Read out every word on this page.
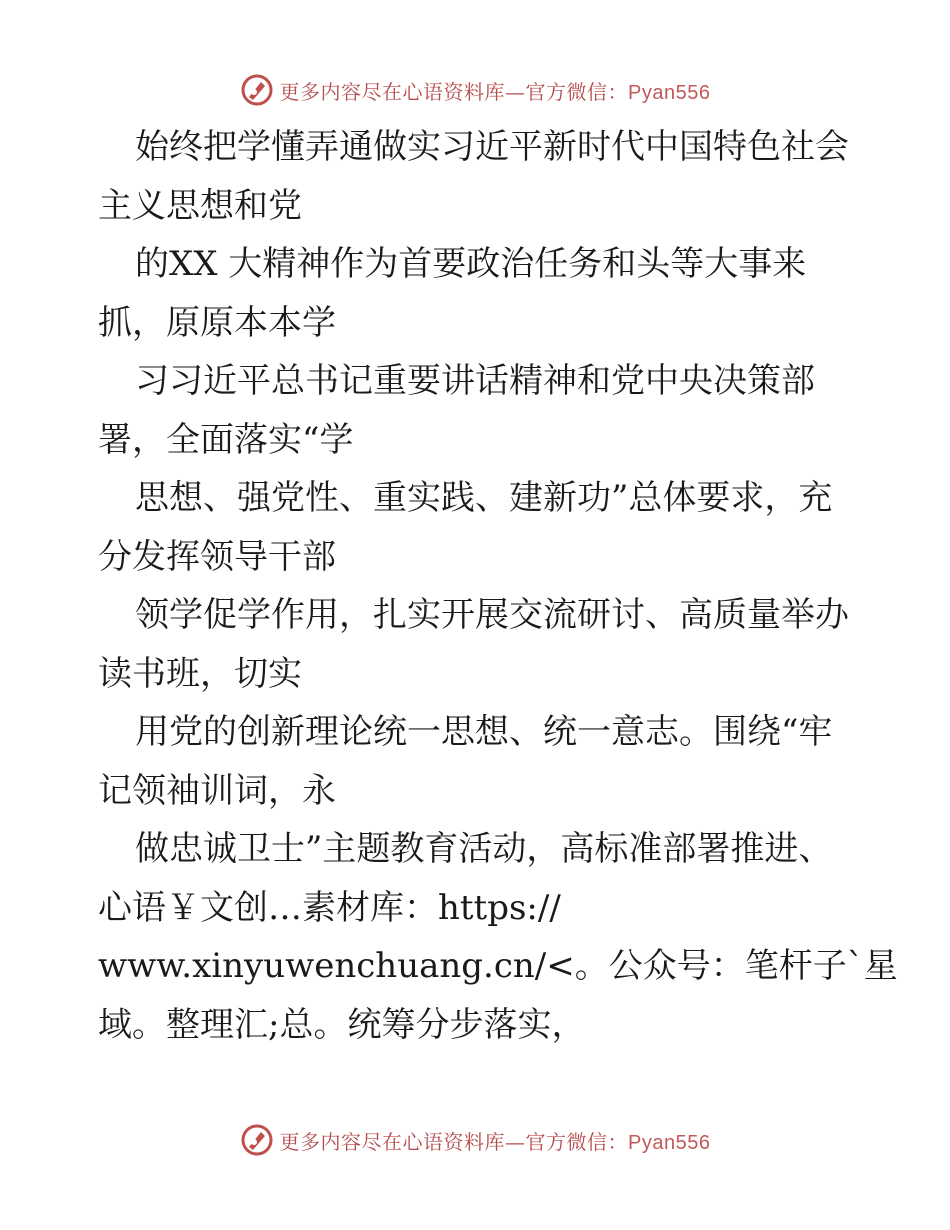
更多内容尽在心语资料库—官方微信：Pyan556
始终把学懂弄通做实习近平新时代中国特色社会
主义思想和党
的XX 大精神作为首要政治任务和头等大事来
抓，原原本本学
习习近平总书记重要讲话精神和党中央决策部
署，全面落实“学
思想、强党性、重实践、建新功”总体要求，充
分发挥领导干部
领学促学作用，扎实开展交流研讨、高质量举办
读书班，切实
用党的创新理论统一思想、统一意志。围绕“牢
记领袖训词，永
做忠诚卫士”主题教育活动，高标准部署推进、
心语￥文创…素材库：https://
www.xinyuwenchuang.cn/<。公众号：笔杆子`星
域。整理汇;总。统筹分步落实，
更多内容尽在心语资料库—官方微信：Pyan556
